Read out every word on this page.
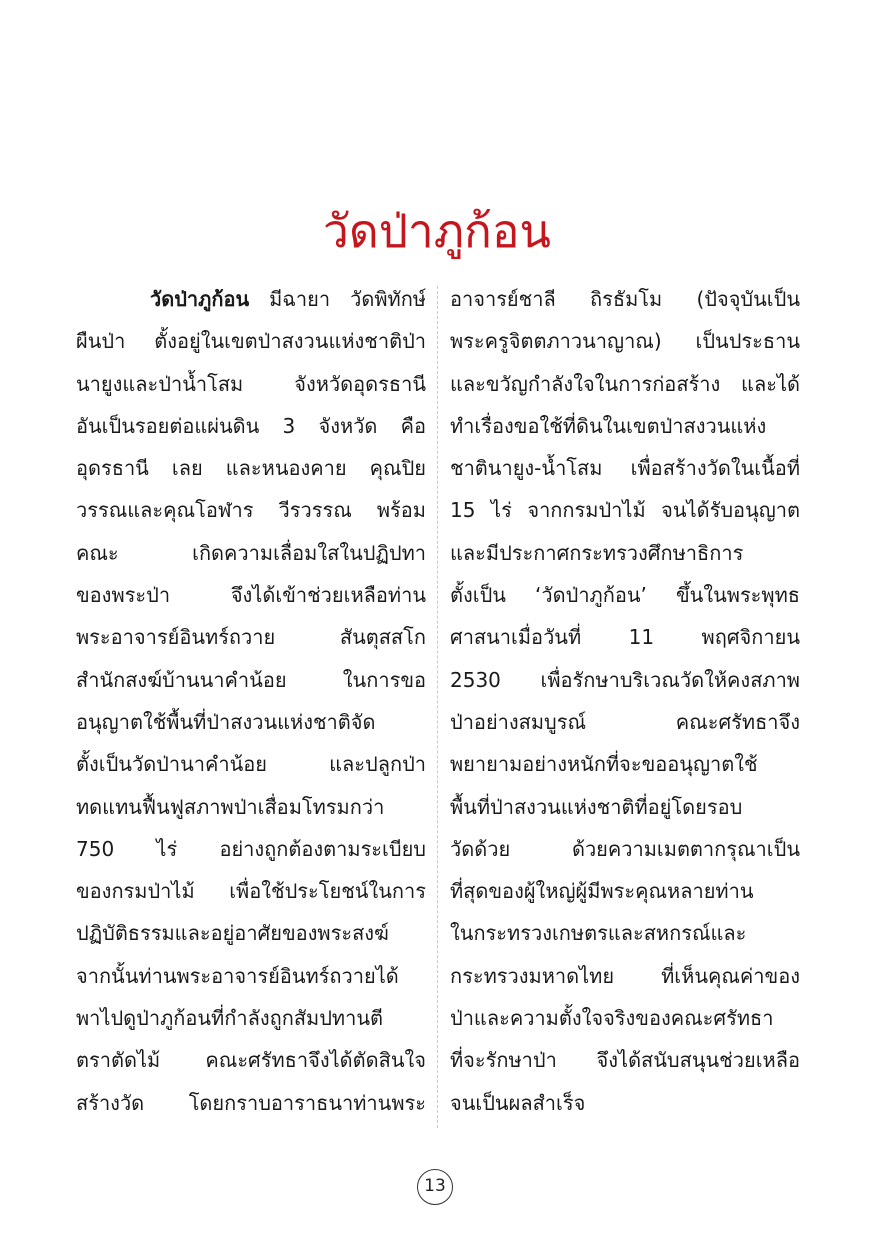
วัดป่าภูก้อน
วัดป่าภูก้อน มีฉายา วัดพิทักษ์
ผืนป่า ตั้งอยู่ในเขตป่าสงวนแห่งชาติป่า
นายูงและป่าน้ำโสม จังหวัดอุดรธานี
อันเป็นรอยต่อแผ่นดิน 3 จังหวัด คือ
อุดรธานี เลย และหนองคาย คุณปิย
วรรณและคุณโอฬาร วีรวรรณ พร้อม
คณะ เกิดความเลื่อมใสในปฏิปทา
ของพระป่า จึงได้เข้าช่วยเหลือท่าน
พระอาจารย์อินทร์ถวาย สันตุสสโก
สำนักสงฆ์บ้านนาคำน้อย ในการขอ
อนุญาตใช้พื้นที่ป่าสงวนแห่งชาติจัด
ตั้งเป็นวัดป่านาคำน้อย และปลูกป่า
ทดแทนฟื้นฟูสภาพป่าเสื่อมโทรมกว่า
750 ไร่ อย่างถูกต้องตามระเบียบ
ของกรมป่าไม้ เพื่อใช้ประโยชน์ในการ
ปฏิบัติธรรมและอยู่อาศัยของพระสงฆ์
จากนั้นท่านพระอาจารย์อินทร์ถวายได้
พาไปดูป่าภูก้อนที่กำลังถูกสัมปทานตี
ตราตัดไม้ คณะศรัทธาจึงได้ตัดสินใจ
สร้างวัด โดยกราบอาราธนาท่านพระ
อาจารย์ชาลี ถิรธัมโม (ปัจจุบันเป็น
พระครูจิตตภาวนาญาณ) เป็นประธาน
และขวัญกำลังใจในการก่อสร้าง และได้
ทำเรื่องขอใช้ที่ดินในเขตป่าสงวนแห่ง
ชาตินายูง-น้ำโสม เพื่อสร้างวัดในเนื้อที่
15 ไร่ จากกรมป่าไม้ จนได้รับอนุญาต
และมีประกาศกระทรวงศึกษาธิการ
ตั้งเป็น ‘วัดป่าภูก้อน’ ขึ้นในพระพุทธ
ศาสนาเมื่อวันที่ 11 พฤศจิกายน
2530 เพื่อรักษาบริเวณวัดให้คงสภาพ
ป่าอย่างสมบูรณ์ คณะศรัทธาจึง
พยายามอย่างหนักที่จะขออนุญาตใช้
พื้นที่ป่าสงวนแห่งชาติที่อยู่โดยรอบ
วัดด้วย ด้วยความเมตตากรุณาเป็น
ที่สุดของผู้ใหญ่ผู้มีพระคุณหลายท่าน
ในกระทรวงเกษตรและสหกรณ์และ
กระทรวงมหาดไทย ที่เห็นคุณค่าของ
ป่าและความตั้งใจจริงของคณะศรัทธา
ที่จะรักษาป่า จึงได้สนับสนุนช่วยเหลือ
จนเป็นผลสำเร็จ
13
